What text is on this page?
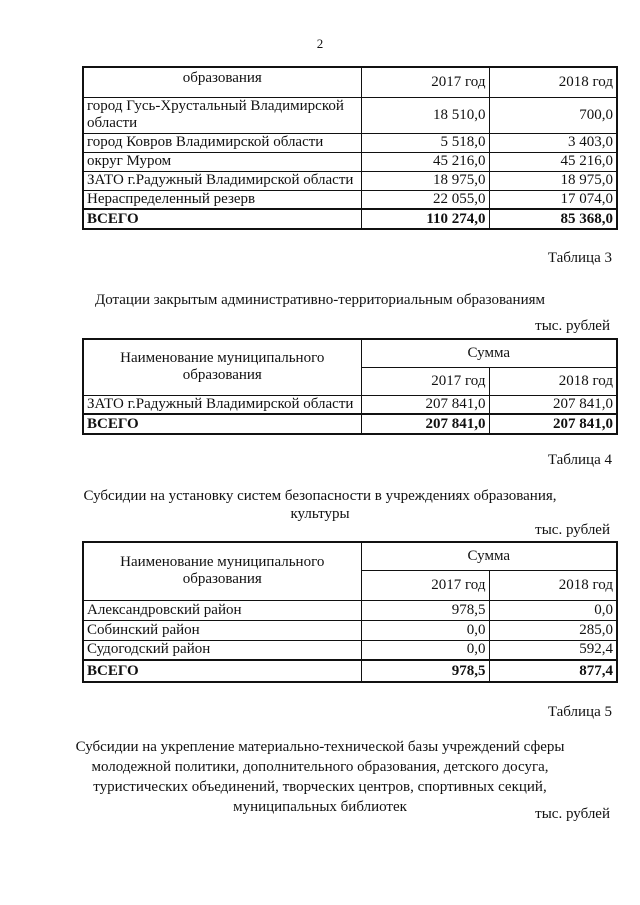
2
образования	2017 год	2018 год
город Гусь-Хрустальный Владимирской области	18 510,0	700,0
город Ковров Владимирской области	5 518,0	3 403,0
округ Муром	45 216,0	45 216,0
ЗАТО г.Радужный Владимирской области	18 975,0	18 975,0
Нераспределенный резерв	22 055,0	17 074,0
ВСЕГО	110 274,0	85 368,0
Таблица 3
Дотации закрытым административно-территориальным образованиям
тыс. рублей
Наименование муниципального образования	Сумма	
	2017 год	2018 год
ЗАТО г.Радужный Владимирской области	207 841,0	207 841,0
ВСЕГО	207 841,0	207 841,0
Таблица 4
Субсидии на установку систем безопасности в учреждениях образования,
культуры
тыс. рублей
Наименование муниципального образования	Сумма	
	2017 год	2018 год
Александровский район	978,5	0,0
Собинский район	0,0	285,0
Судогодский район	0,0	592,4
ВСЕГО	978,5	877,4
Таблица 5
Субсидии на укрепление материально-технической базы учреждений сферы
молодежной политики, дополнительного образования, детского досуга,
туристических объединений, творческих центров, спортивных секций,
муниципальных библиотек	тыс. рублей
